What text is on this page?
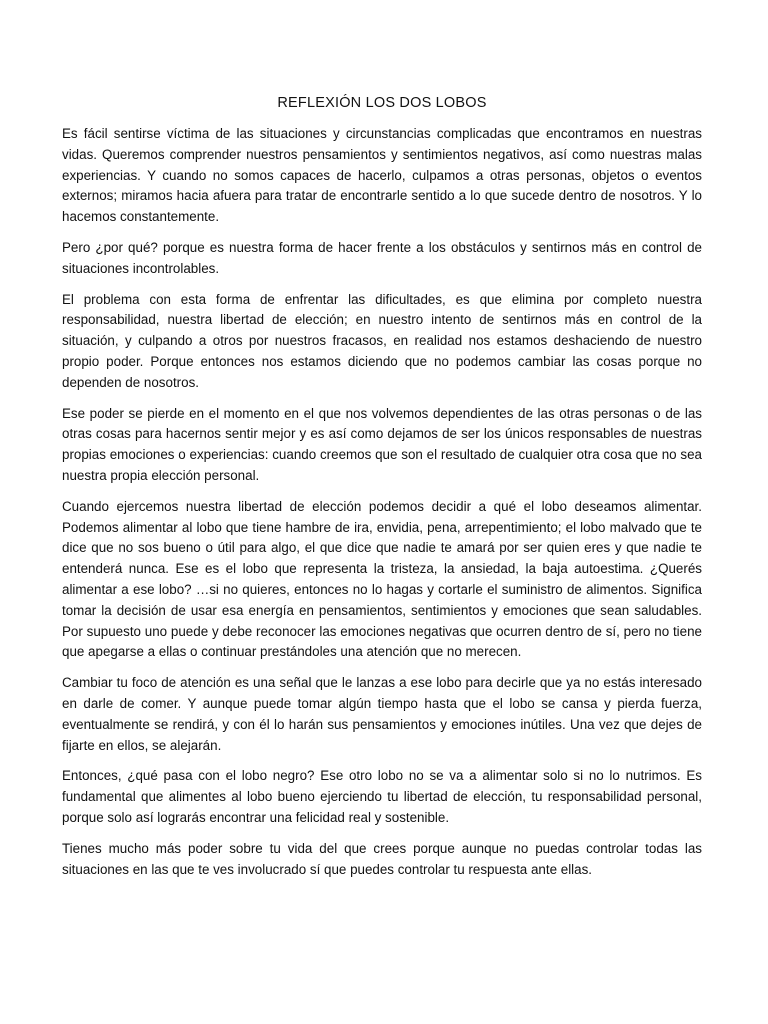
REFLEXIÓN LOS DOS LOBOS

Es fácil sentirse víctima de las situaciones y circunstancias complicadas que encontramos en nuestras vidas. Queremos comprender nuestros pensamientos y sentimientos negativos, así como nuestras malas experiencias. Y cuando no somos capaces de hacerlo, culpamos a otras personas, objetos o eventos externos; miramos hacia afuera para tratar de encontrarle sentido a lo que sucede dentro de nosotros. Y lo hacemos constantemente.

Pero ¿por qué? porque es nuestra forma de hacer frente a los obstáculos y sentirnos más en control de situaciones incontrolables.

El problema con esta forma de enfrentar las dificultades, es que elimina por completo nuestra responsabilidad, nuestra libertad de elección; en nuestro intento de sentirnos más en control de la situación, y culpando a otros por nuestros fracasos, en realidad nos estamos deshaciendo de nuestro propio poder. Porque entonces nos estamos diciendo que no podemos cambiar las cosas porque no dependen de nosotros.

Ese poder se pierde en el momento en el que nos volvemos dependientes de las otras personas o de las otras cosas para hacernos sentir mejor y es así como dejamos de ser los únicos responsables de nuestras propias emociones o experiencias: cuando creemos que son el resultado de cualquier otra cosa que no sea nuestra propia elección personal.

Cuando ejercemos nuestra libertad de elección podemos decidir a qué el lobo deseamos alimentar. Podemos alimentar al lobo que tiene hambre de ira, envidia, pena, arrepentimiento; el lobo malvado que te dice que no sos bueno o útil para algo, el que dice que nadie te amará por ser quien eres y que nadie te entenderá nunca. Ese es el lobo que representa la tristeza, la ansiedad, la baja autoestima. ¿Querés alimentar a ese lobo? …si no quieres, entonces no lo hagas y cortarle el suministro de alimentos. Significa tomar la decisión de usar esa energía en pensamientos, sentimientos y emociones que sean saludables. Por supuesto uno puede y debe reconocer las emociones negativas que ocurren dentro de sí, pero no tiene que apegarse a ellas o continuar prestándoles una atención que no merecen.

Cambiar tu foco de atención es una señal que le lanzas a ese lobo para decirle que ya no estás interesado en darle de comer. Y aunque puede tomar algún tiempo hasta que el lobo se cansa y pierda fuerza, eventualmente se rendirá, y con él lo harán sus pensamientos y emociones inútiles. Una vez que dejes de fijarte en ellos, se alejarán.

Entonces, ¿qué pasa con el lobo negro? Ese otro lobo no se va a alimentar solo si no lo nutrimos. Es fundamental que alimentes al lobo bueno ejerciendo tu libertad de elección, tu responsabilidad personal, porque solo así lograrás encontrar una felicidad real y sostenible.

Tienes mucho más poder sobre tu vida del que crees porque aunque no puedas controlar todas las situaciones en las que te ves involucrado sí que puedes controlar tu respuesta ante ellas.
